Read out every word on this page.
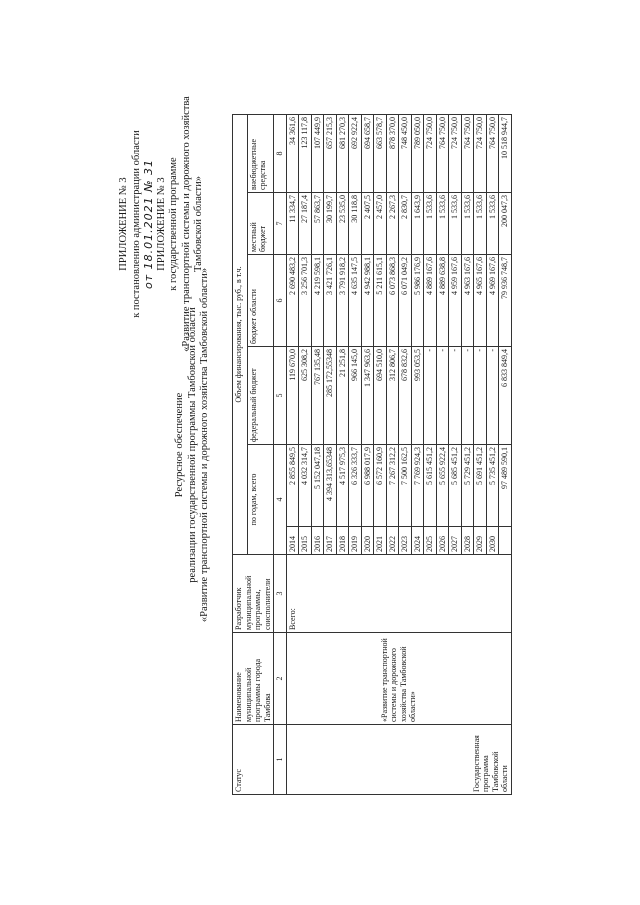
ПРИЛОЖЕНИЕ № 3 к постановлению администрации области от 18.01.2021 № 31 ПРИЛОЖЕНИЕ № 3 к государственной программе «Развитие транспортной системы и дорожного хозяйства Тамбовской области»
Ресурсное обеспечение реализации государственной программы Тамбовской области «Развитие транспортной системы и дорожного хозяйства Тамбовской области»
Статус	Наименование муниципальной программы города Тамбова	Разработчик муниципальной программы, соисполнители	Объем финансирования, тыс. руб., в т.ч.					
			по годам, всего		федеральный бюджет	бюджет области	местный бюджет	внебюджетные средства
1	2	3	4		5	6	7	8
Государственная программа Тамбовской области	«Развитие транспортной системы и дорожного хозяйства Тамбовской области»	Всего:	2014	2 855 849,5	119 670,0	2 690 483,2	11 334,7	34 361,6
			2015	4 032 314,7	625 308,2	3 256 701,3	27 187,4	123 117,8
			2016	5 152 047,18	767 135,48	4 219 598,1	57 863,7	107 449,9
			2017	4 394 313,65348	285 172,55348	3 421 726,1	30 199,7	657 215,3
			2018	4 517 975,3	21 251,8	3 791 918,2	23 535,0	681 270,3
			2019	6 326 333,7	966 145,0	4 635 147,5	30 118,8	692 922,4
			2020	6 988 017,9	1 347 963,6	4 942 988,1	2 407,5	694 658,7
			2021	6 572 160,9	694 510,0	5 211 615,1	2 457,0	663 578,7
			2022	7 267 312,2	312 806,7	6 073 868,3	2 267,3	878 370,0
			2023	7 500 162,5	678 832,6	6 071 049,2	2 830,7	748 450,0
			2024	7 769 924,3	993 053,5	5 986 176,9	1 643,9	789 050,0
			2025	5 615 451,2	-	4 889 167,6	1 533,6	724 750,0
			2026	5 655 922,4	-	4 889 638,8	1 533,6	764 750,0
			2027	5 685 451,2	-	4 959 167,6	1 533,6	724 750,0
			2028	5 729 451,2	-	4 963 167,6	1 533,6	764 750,0
			2029	5 691 451,2	-	4 965 167,6	1 533,6	724 750,0
			2030	5 735 451,2	-	4 969 167,6	1 533,6	764 750,0
				97 489 590,1	6 833 849,4	79 936 748,7	200 047,3	10 518 944,7
